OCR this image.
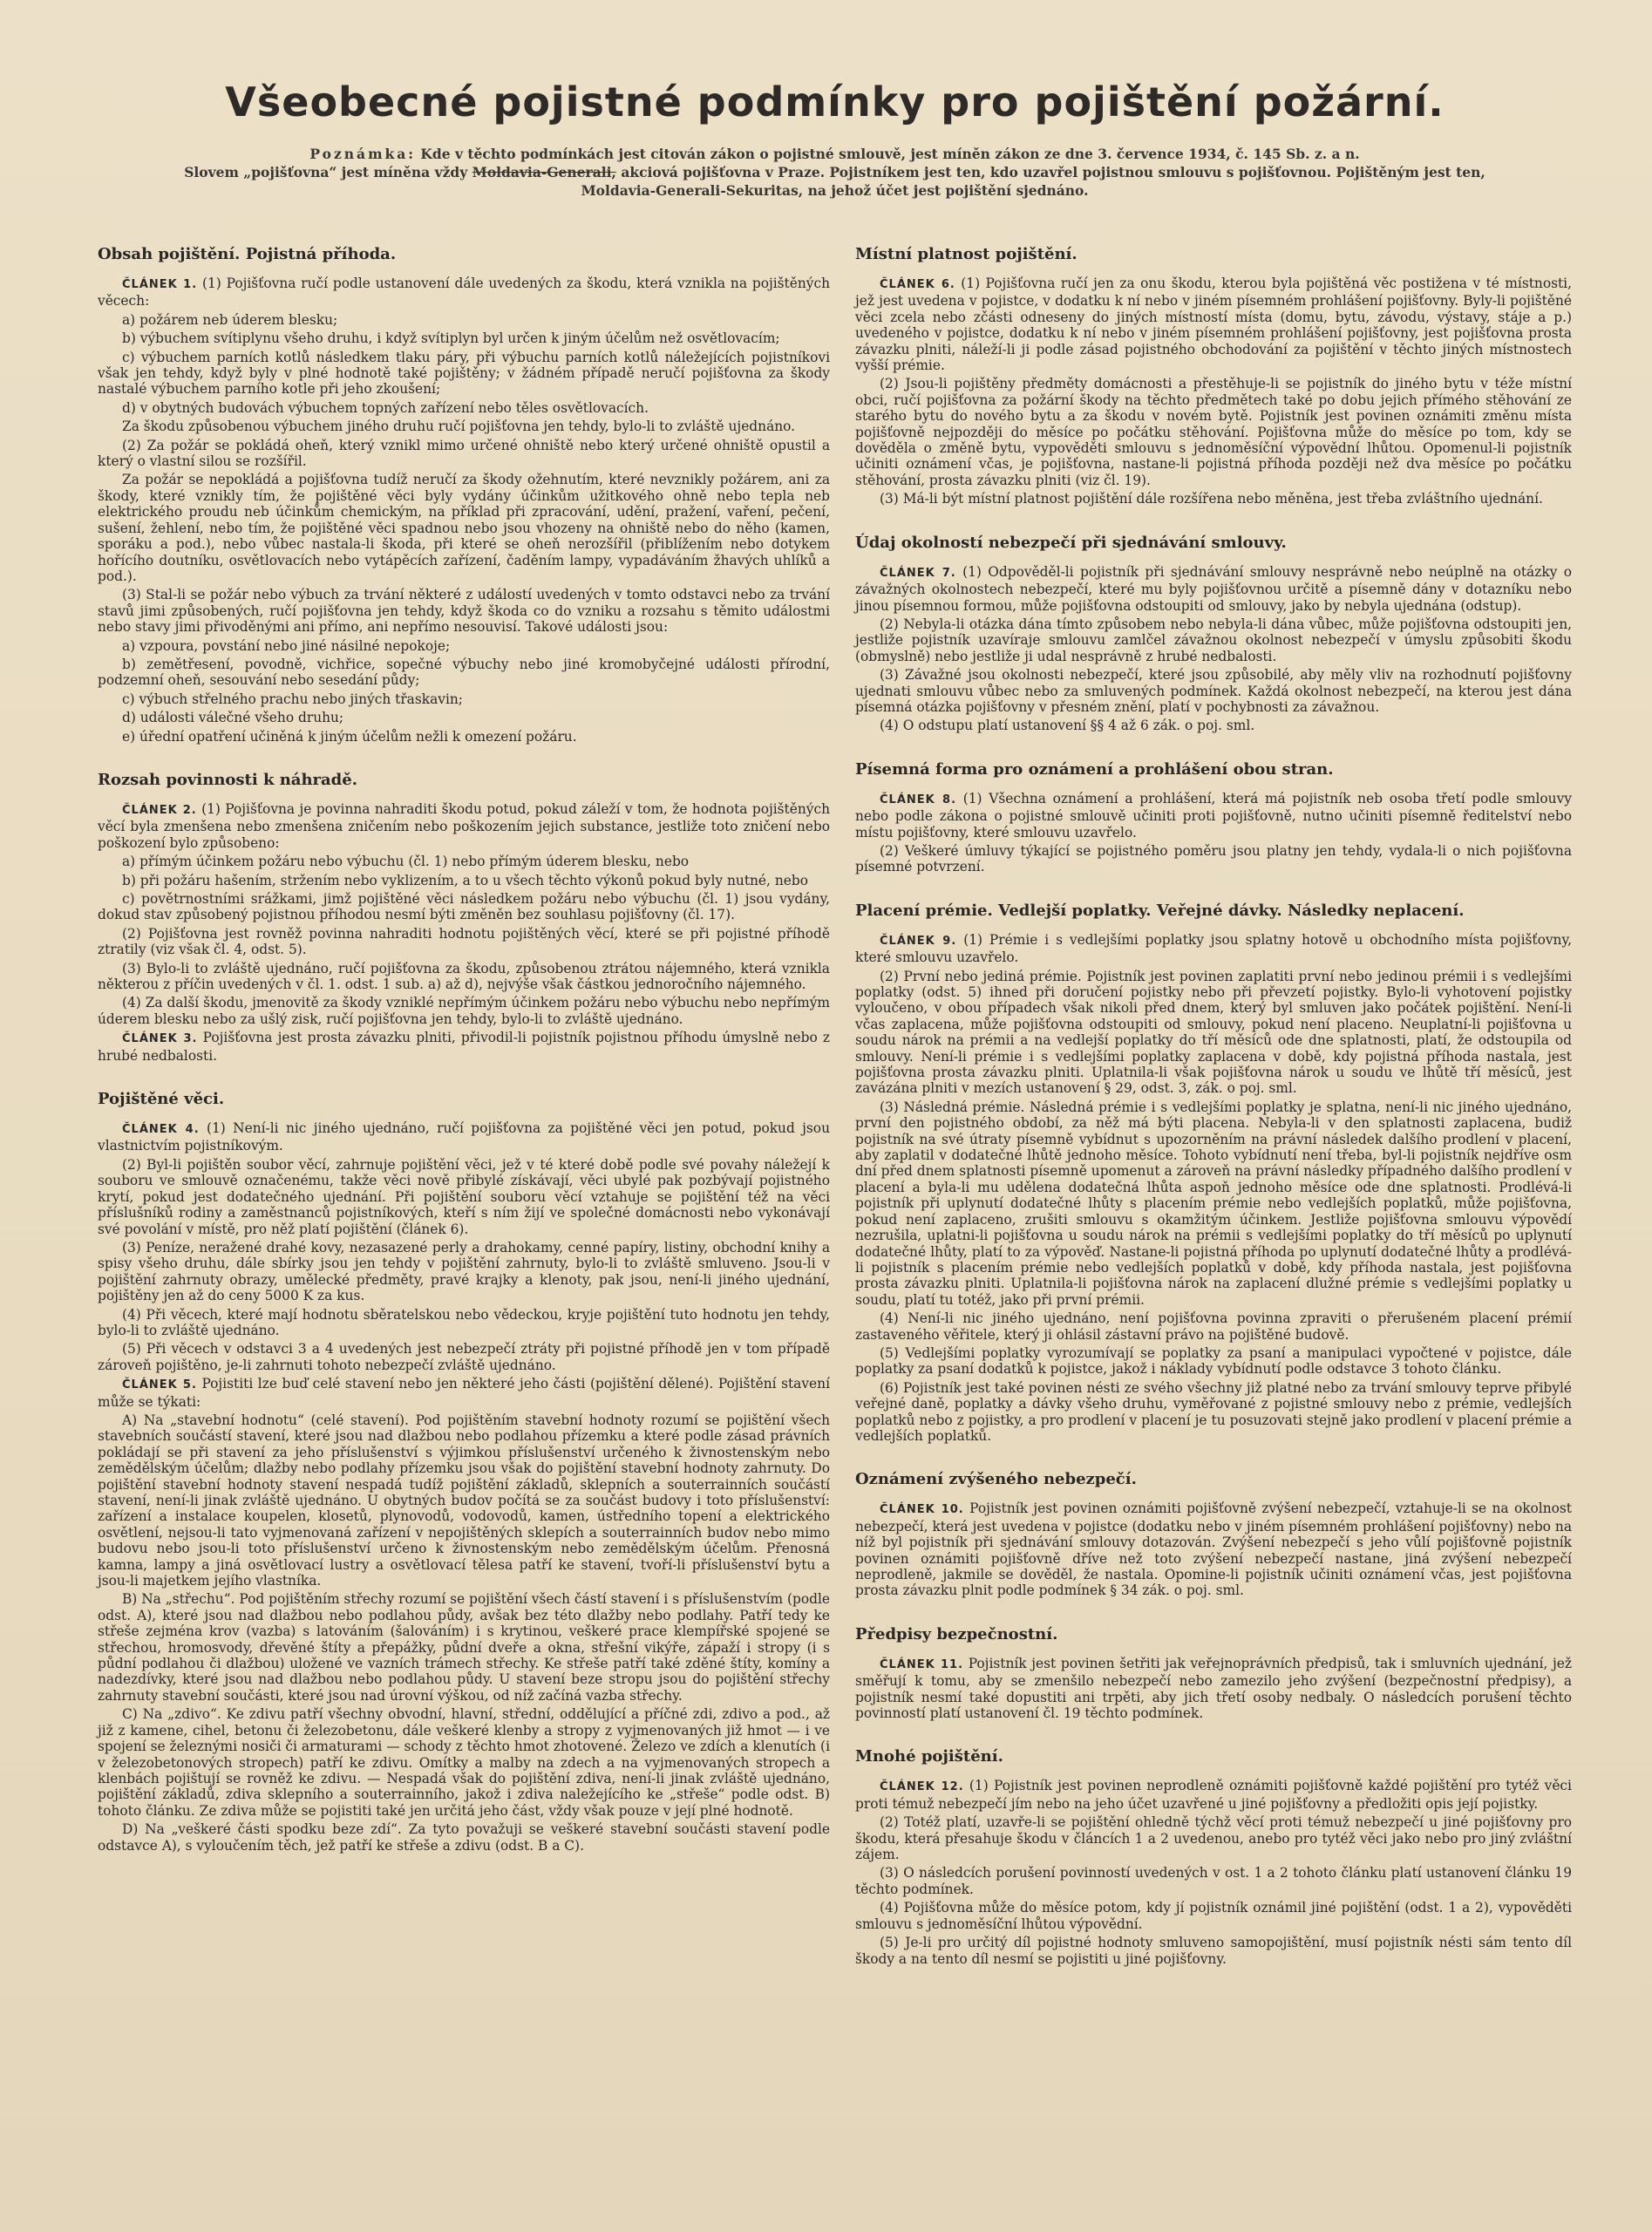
Všeobecné pojistné podmínky pro pojištění požární.
Poznámka: Kde v těchto podmínkách jest citován zákon o pojistné smlouvě, jest míněn zákon ze dne 3. července 1934, č. 145 Sb. z. a n.
Slovem „pojišťovna“ jest míněna vždy Moldavia-Generali, akciová pojišťovna v Praze. Pojistníkem jest ten, kdo uzavřel pojistnou smlouvu s pojišťovnou. Pojištěným jest ten,
Moldavia-Generali-Sekuritas, na jehož účet jest pojištění sjednáno.
Obsah pojištění. Pojistná příhoda.

ČLÁNEK 1. (1) Pojišťovna ručí podle ustanovení dále uvedených za škodu, která vznikla na pojištěných věcech:

a) požárem neb úderem blesku;

b) výbuchem svítiplynu všeho druhu, i když svítiplyn byl určen k jiným účelům než osvětlovacím;

c) výbuchem parních kotlů následkem tlaku páry, při výbuchu parních kotlů náležejících pojistníkovi však jen tehdy, když byly v plné hodnotě také pojištěny; v žádném případě neručí pojišťovna za škody nastalé výbuchem parního kotle při jeho zkoušení;

d) v obytných budovách výbuchem topných zařízení nebo těles osvětlovacích.

Za škodu způsobenou výbuchem jiného druhu ručí pojišťovna jen tehdy, bylo-li to zvláště ujednáno.

(2) Za požár se pokládá oheň, který vznikl mimo určené ohniště nebo který určené ohniště opustil a který o vlastní silou se rozšířil.

Za požár se nepokládá a pojišťovna tudíž neručí za škody ožehnutím, které nevznikly požárem, ani za škody, které vznikly tím, že pojištěné věci byly vydány účinkům užitkového ohně nebo tepla neb elektrického proudu neb účinkům chemickým, na příklad při zpracování, udění, pražení, vaření, pečení, sušení, žehlení, nebo tím, že pojištěné věci spadnou nebo jsou vhozeny na ohniště nebo do něho (kamen, sporáku a pod.), nebo vůbec nastala-li škoda, při které se oheň nerozšířil (přiblížením nebo dotykem hořícího doutníku, osvětlovacích nebo vytápěcích zařízení, čaděním lampy, vypadáváním žhavých uhlíků a pod.).

(3) Stal-li se požár nebo výbuch za trvání některé z událostí uvedených v tomto odstavci nebo za trvání stavů jimi způsobených, ručí pojišťovna jen tehdy, když škoda co do vzniku a rozsahu s těmito událostmi nebo stavy jimi přivoděnými ani přímo, ani nepřímo nesouvisí. Takové události jsou:

a) vzpoura, povstání nebo jiné násilné nepokoje;

b) zemětřesení, povodně, vichřice, sopečné výbuchy nebo jiné kromobyčejné události přírodní, podzemní oheň, sesouvání nebo sesedání půdy;

c) výbuch střelného prachu nebo jiných třaskavin;

d) události válečné všeho druhu;

e) úřední opatření učiněná k jiným účelům nežli k omezení požáru.

Rozsah povinnosti k náhradě.

ČLÁNEK 2. (1) Pojišťovna je povinna nahraditi škodu potud, pokud záleží v tom, že hodnota pojištěných věcí byla zmenšena nebo zmenšena zničením nebo poškozením jejich substance, jestliže toto zničení nebo poškození bylo způsobeno:

a) přímým účinkem požáru nebo výbuchu (čl. 1) nebo přímým úderem blesku, nebo

b) při požáru hašením, stržením nebo vyklizením, a to u všech těchto výkonů pokud byly nutné, nebo

c) povětrnostními srážkami, jimž pojištěné věci následkem požáru nebo výbuchu (čl. 1) jsou vydány, dokud stav způsobený pojistnou příhodou nesmí býti změněn bez souhlasu pojišťovny (čl. 17).

(2) Pojišťovna jest rovněž povinna nahraditi hodnotu pojištěných věcí, které se při pojistné příhodě ztratily (viz však čl. 4, odst. 5).

(3) Bylo-li to zvláště ujednáno, ručí pojišťovna za škodu, způsobenou ztrátou nájemného, která vznikla některou z příčin uvedených v čl. 1. odst. 1 sub. a) až d), nejvýše však částkou jednoročního nájemného.

(4) Za další škodu, jmenovitě za škody vzniklé nepřímým účinkem požáru nebo výbuchu nebo nepřímým úderem blesku nebo za ušlý zisk, ručí pojišťovna jen tehdy, bylo-li to zvláště ujednáno.

ČLÁNEK 3. Pojišťovna jest prosta závazku plniti, přivodil-li pojistník pojistnou příhodu úmyslně nebo z hrubé nedbalosti.

Pojištěné věci.

ČLÁNEK 4. (1) Není-li nic jiného ujednáno, ručí pojišťovna za pojištěné věci jen potud, pokud jsou vlastnictvím pojistníkovým.

(2) Byl-li pojištěn soubor věcí, zahrnuje pojištění věci, jež v té které době podle své povahy náležejí k souboru ve smlouvě označenému, takže věci nově přibylé získávají, věci ubylé pak pozbývají pojistného krytí, pokud jest dodatečného ujednání. Při pojištění souboru věcí vztahuje se pojištění též na věci příslušníků rodiny a zaměstnanců pojistníkových, kteří s ním žijí ve společné domácnosti nebo vykonávají své povolání v místě, pro něž platí pojištění (článek 6).

(3) Peníze, neražené drahé kovy, nezasazené perly a drahokamy, cenné papíry, listiny, obchodní knihy a spisy všeho druhu, dále sbírky jsou jen tehdy v pojištění zahrnuty, bylo-li to zvláště smluveno. Jsou-li v pojištění zahrnuty obrazy, umělecké předměty, pravé krajky a klenoty, pak jsou, není-li jiného ujednání, pojištěny jen až do ceny 5000 K za kus.

(4) Při věcech, které mají hodnotu sběratelskou nebo vědeckou, kryje pojištění tuto hodnotu jen tehdy, bylo-li to zvláště ujednáno.

(5) Při věcech v odstavci 3 a 4 uvedených jest nebezpečí ztráty při pojistné příhodě jen v tom případě zároveň pojištěno, je-li zahrnuti tohoto nebezpečí zvláště ujednáno.

ČLÁNEK 5. Pojistiti lze buď celé stavení nebo jen některé jeho části (pojištění dělené). Pojištění stavení může se týkati:

A) Na „stavební hodnotu“ (celé stavení). Pod pojištěním stavební hodnoty rozumí se pojištění všech stavebních součástí stavení, které jsou nad dlažbou nebo podlahou přízemku a které podle zásad právních pokládají se při stavení za jeho příslušenství s výjimkou příslušenství určeného k živnostenským nebo zemědělským účelům; dlažby nebo podlahy přízemku jsou však do pojištění stavební hodnoty zahrnuty. Do pojištění stavební hodnoty stavení nespadá tudíž pojištění základů, sklepních a souterrainních součástí stavení, není-li jinak zvláště ujednáno. U obytných budov počítá se za součást budovy i toto příslušenství: zařízení a instalace koupelen, klosetů, plynovodů, vodovodů, kamen, ústředního topení a elektrického osvětlení, nejsou-li tato vyjmenovaná zařízení v nepojištěných sklepích a souterrainních budov nebo mimo budovu nebo jsou-li toto příslušenství určeno k živnostenským nebo zemědělským účelům. Přenosná kamna, lampy a jiná osvětlovací lustry a osvětlovací tělesa patří ke stavení, tvoří-li příslušenství bytu a jsou-li majetkem jejího vlastníka.

B) Na „střechu“. Pod pojištěním střechy rozumí se pojištění všech částí stavení i s příslušenstvím (podle odst. A), které jsou nad dlažbou nebo podlahou půdy, avšak bez této dlažby nebo podlahy. Patří tedy ke střeše zejména krov (vazba) s latováním (šalováním) i s krytinou, veškeré prace klempířské spojené se střechou, hromosvody, dřevěné štíty a přepážky, půdní dveře a okna, střešní vikýře, zápaží i stropy (i s půdní podlahou či dlažbou) uložené ve vazních trámech střechy. Ke střeše patří také zděné štíty, komíny a nadezdívky, které jsou nad dlažbou nebo podlahou půdy. U stavení beze stropu jsou do pojištění střechy zahrnuty stavební součásti, které jsou nad úrovní výškou, od níž začíná vazba střechy.

C) Na „zdivo“. Ke zdivu patří všechny obvodní, hlavní, střední, oddělující a příčné zdi, zdivo a pod., až již z kamene, cihel, betonu či železobetonu, dále veškeré klenby a stropy z vyjmenovaných již hmot — i ve spojení se železnými nosiči či armaturami — schody z těchto hmot zhotovené. Železo ve zdích a klenutích (i v železobetonových stropech) patří ke zdivu. Omítky a malby na zdech a na vyjmenovaných stropech a klenbách pojištují se rovněž ke zdivu. — Nespadá však do pojištění zdiva, není-li jinak zvláště ujednáno, pojištění základů, zdiva sklepního a souterrainního, jakož i zdiva naležejícího ke „střeše“ podle odst. B) tohoto článku. Ze zdiva může se pojistiti také jen určitá jeho část, vždy však pouze v její plné hodnotě.

D) Na „veškeré části spodku beze zdí“. Za tyto považuji se veškeré stavební součásti stavení podle odstavce A), s vyloučením těch, jež patří ke střeše a zdivu (odst. B a C).

Místní platnost pojištění.

ČLÁNEK 6. (1) Pojišťovna ručí jen za onu škodu, kterou byla pojištěná věc postižena v té místnosti, jež jest uvedena v pojistce, v dodatku k ní nebo v jiném písemném prohlášení pojišťovny. Byly-li pojištěné věci zcela nebo zčásti odneseny do jiných místností místa (domu, bytu, závodu, výstavy, stáje a p.) uvedeného v pojistce, dodatku k ní nebo v jiném písemném prohlášení pojišťovny, jest pojišťovna prosta závazku plniti, náleží-li ji podle zásad pojistného obchodování za pojištění v těchto jiných místnostech vyšší prémie.

(2) Jsou-li pojištěny předměty domácnosti a přestěhuje-li se pojistník do jiného bytu v téže místní obci, ručí pojišťovna za požární škody na těchto předmětech také po dobu jejich přímého stěhování ze starého bytu do nového bytu a za škodu v novém bytě. Pojistník jest povinen oznámiti změnu místa pojišťovně nejpozději do měsíce po počátku stěhování. Pojišťovna může do měsíce po tom, kdy se dověděla o změně bytu, vypověděti smlouvu s jednoměsíční výpovědní lhůtou. Opomenul-li pojistník učiniti oznámení včas, je pojišťovna, nastane-li pojistná příhoda později než dva měsíce po počátku stěhování, prosta závazku plniti (viz čl. 19).

(3) Má-li být místní platnost pojištění dále rozšířena nebo měněna, jest třeba zvláštního ujednání.

Údaj okolností nebezpečí při sjednávání smlouvy.

ČLÁNEK 7. (1) Odpověděl-li pojistník při sjednávání smlouvy nesprávně nebo neúplně na otázky o závažných okolnostech nebezpečí, které mu byly pojišťovnou určitě a písemně dány v dotazníku nebo jinou písemnou formou, může pojišťovna odstoupiti od smlouvy, jako by nebyla ujednána (odstup).

(2) Nebyla-li otázka dána tímto způsobem nebo nebyla-li dána vůbec, může pojišťovna odstoupiti jen, jestliže pojistník uzavíraje smlouvu zamlčel závažnou okolnost nebezpečí v úmyslu způsobiti škodu (obmyslně) nebo jestliže ji udal nesprávně z hrubé nedbalosti.

(3) Závažné jsou okolnosti nebezpečí, které jsou způsobilé, aby měly vliv na rozhodnutí pojišťovny ujednati smlouvu vůbec nebo za smluvených podmínek. Každá okolnost nebezpečí, na kterou jest dána písemná otázka pojišťovny v přesném znění, platí v pochybnosti za závažnou.

(4) O odstupu platí ustanovení §§ 4 až 6 zák. o poj. sml.

Písemná forma pro oznámení a prohlášení obou stran.

ČLÁNEK 8. (1) Všechna oznámení a prohlášení, která má pojistník neb osoba třetí podle smlouvy nebo podle zákona o pojistné smlouvě učiniti proti pojišťovně, nutno učiniti písemně ředitelství nebo místu pojišťovny, které smlouvu uzavřelo.

(2) Veškeré úmluvy týkající se pojistného poměru jsou platny jen tehdy, vydala-li o nich pojišťovna písemné potvrzení.

Placení prémie. Vedlejší poplatky. Veřejné dávky. Následky neplacení.

ČLÁNEK 9. (1) Prémie i s vedlejšími poplatky jsou splatny hotově u obchodního místa pojišťovny, které smlouvu uzavřelo.

(2) První nebo jediná prémie. Pojistník jest povinen zaplatiti první nebo jedinou prémii i s vedlejšími poplatky (odst. 5) ihned při doručení pojistky nebo při převzetí pojistky. Bylo-li vyhotovení pojistky vyloučeno, v obou případech však nikoli před dnem, který byl smluven jako počátek pojištění. Není-li včas zaplacena, může pojišťovna odstoupiti od smlouvy, pokud není placeno. Neuplatní-li pojišťovna u soudu nárok na prémii a na vedlejší poplatky do tří měsíců ode dne splatnosti, platí, že odstoupila od smlouvy. Není-li prémie i s vedlejšími poplatky zaplacena v době, kdy pojistná příhoda nastala, jest pojišťovna prosta závazku plniti. Uplatnila-li však pojišťovna nárok u soudu ve lhůtě tří měsíců, jest zavázána plniti v mezích ustanovení § 29, odst. 3, zák. o poj. sml.

(3) Následná prémie. Následná prémie i s vedlejšími poplatky je splatna, není-li nic jiného ujednáno, první den pojistného období, za něž má býti placena. Nebyla-li v den splatnosti zaplacena, budiž pojistník na své útraty písemně vybídnut s upozorněním na právní následek dalšího prodlení v placení, aby zaplatil v dodatečné lhůtě jednoho měsíce. Tohoto vybídnutí není třeba, byl-li pojistník nejdříve osm dní před dnem splatnosti písemně upomenut a zároveň na právní následky případného dalšího prodlení v placení a byla-li mu udělena dodatečná lhůta aspoň jednoho měsíce ode dne splatnosti. Prodlévá-li pojistník při uplynutí dodatečné lhůty s placením prémie nebo vedlejších poplatků, může pojišťovna, pokud není zaplaceno, zrušiti smlouvu s okamžitým účinkem. Jestliže pojišťovna smlouvu výpovědí nezrušila, uplatni-li pojišťovna u soudu nárok na prémii s vedlejšími poplatky do tří měsíců po uplynutí dodatečné lhůty, platí to za výpověď. Nastane-li pojistná příhoda po uplynutí dodatečné lhůty a prodlévá-li pojistník s placením prémie nebo vedlejších poplatků v době, kdy příhoda nastala, jest pojišťovna prosta závazku plniti. Uplatnila-li pojišťovna nárok na zaplacení dlužné prémie s vedlejšími poplatky u soudu, platí tu totéž, jako při první prémii.

(4) Není-li nic jiného ujednáno, není pojišťovna povinna zpraviti o přerušeném placení prémií zastaveného věřitele, který ji ohlásil zástavní právo na pojištěné budově.

(5) Vedlejšími poplatky vyrozumívají se poplatky za psaní a manipulaci vypočtené v pojistce, dále poplatky za psaní dodatků k pojistce, jakož i náklady vybídnutí podle odstavce 3 tohoto článku.

(6) Pojistník jest také povinen nésti ze svého všechny již platné nebo za trvání smlouvy teprve přibylé veřejné daně, poplatky a dávky všeho druhu, vyměřované z pojistné smlouvy nebo z prémie, vedlejších poplatků nebo z pojistky, a pro prodlení v placení je tu posuzovati stejně jako prodlení v placení prémie a vedlejších poplatků.

Oznámení zvýšeného nebezpečí.

ČLÁNEK 10. Pojistník jest povinen oznámiti pojišťovně zvýšení nebezpečí, vztahuje-li se na okolnost nebezpečí, která jest uvedena v pojistce (dodatku nebo v jiném písemném prohlášení pojišťovny) nebo na níž byl pojistník při sjednávání smlouvy dotazován. Zvýšení nebezpečí s jeho vůlí pojišťovně pojistník povinen oznámiti pojišťovně dříve než toto zvýšení nebezpečí nastane, jiná zvýšení nebezpečí neprodleně, jakmile se dověděl, že nastala. Opomine-li pojistník učiniti oznámení včas, jest pojišťovna prosta závazku plnit podle podmínek § 34 zák. o poj. sml.

Předpisy bezpečnostní.

ČLÁNEK 11. Pojistník jest povinen šetřiti jak veřejnoprávních předpisů, tak i smluvních ujednání, jež směřují k tomu, aby se zmenšilo nebezpečí nebo zamezilo jeho zvýšení (bezpečnostní předpisy), a pojistník nesmí také dopustiti ani trpěti, aby jich třetí osoby nedbaly. O následcích porušení těchto povinností platí ustanovení čl. 19 těchto podmínek.

Mnohé pojištění.

ČLÁNEK 12. (1) Pojistník jest povinen neprodleně oznámiti pojišťovně každé pojištění pro tytéž věci proti témuž nebezpečí jím nebo na jeho účet uzavřené u jiné pojišťovny a předložiti opis její pojistky.

(2) Totéž platí, uzavře-li se pojištění ohledně týchž věcí proti témuž nebezpečí u jiné pojišťovny pro škodu, která přesahuje škodu v článcích 1 a 2 uvedenou, anebo pro tytéž věci jako nebo pro jiný zvláštní zájem.

(3) O následcích porušení povinností uvedených v ost. 1 a 2 tohoto článku platí ustanovení článku 19 těchto podmínek.

(4) Pojišťovna může do měsíce potom, kdy jí pojistník oznámil jiné pojištění (odst. 1 a 2), vypověděti smlouvu s jednoměsíční lhůtou výpovědní.

(5) Je-li pro určitý díl pojistné hodnoty smluveno samopojištění, musí pojistník nésti sám tento díl škody a na tento díl nesmí se pojistiti u jiné pojišťovny.
